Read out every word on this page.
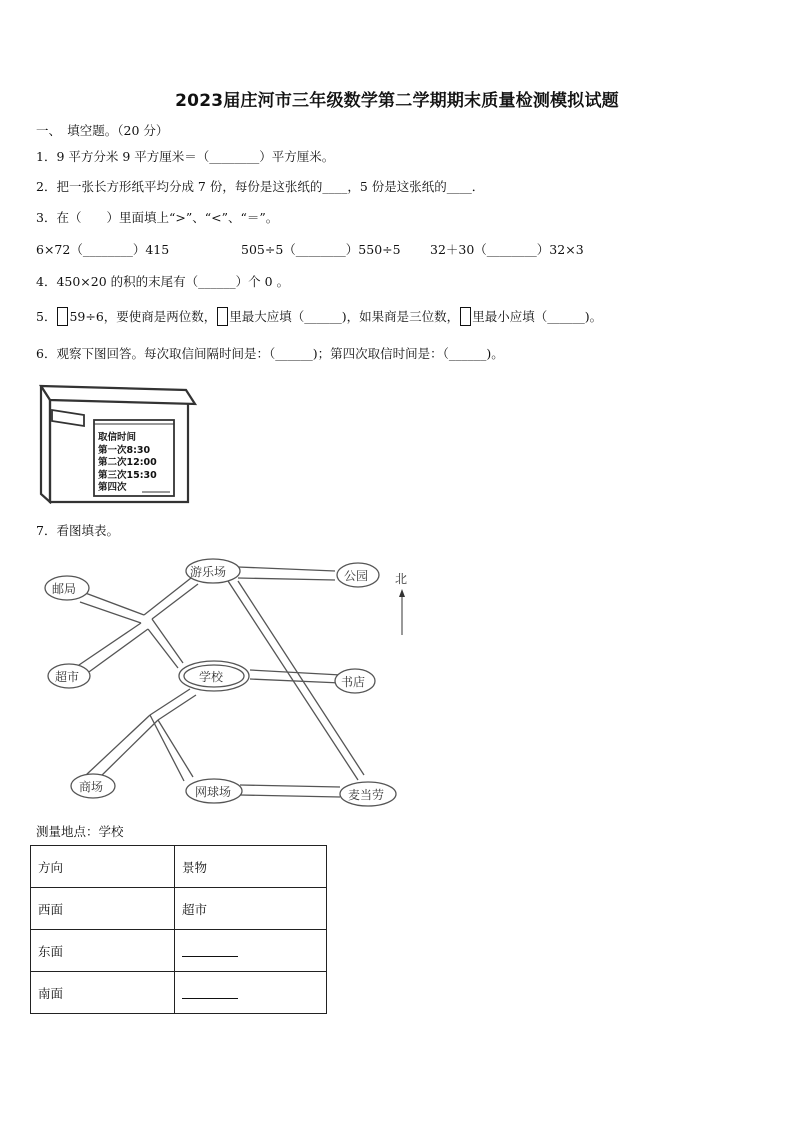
2023届庄河市三年级数学第二学期期末质量检测模拟试题
一、　填空题。（20 分）
1．9 平方分米 9 平方厘米＝（________）平方厘米。
2．把一张长方形纸平均分成 7 份，每份是这张纸的____，5 份是这张纸的____．
3．在（　　）里面填上“>”、“<”、“＝”。
6×72（________）415	505÷5（________）550÷5 32＋30（________）32×3
4．450×20 的积的末尾有（______）个 0 。
5． 59÷6，要使商是两位数， 里最大应填（______)，如果商是三位数， 里最小应填（______)。
6．观察下图回答。每次取信间隔时间是：（______)；第四次取信时间是：（______)。
取信时间
第一次8:30
第二次12:00
第三次15:30
第四次
7．看图填表。
邮局
游乐场	公园
超市	学校	书店
商场	网球场	麦当劳
北
测量地点：学校
方向	景物
西面	超市
东面	
南面	
